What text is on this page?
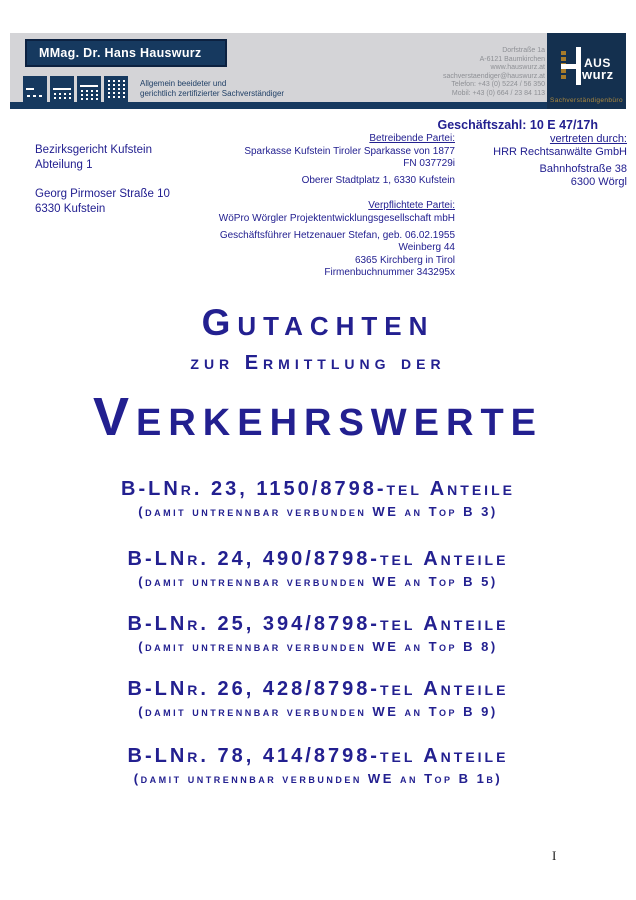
MMag. Dr. Hans Hauswurz
Allgemein beeideter und
gerichtlich zertifizierter Sachverständiger
Dorfstraße 1a
A-6121 Baumkirchen
www.hauswurz.at
sachverstaendiger@hauswurz.at
Telefon: +43 (0) 5224 / 56 350
Mobil: +43 (0) 664 / 23 84 113
AUS
wurz
Sachverständigenbüro
Geschäftszahl: 10 E 47/17h
Bezirksgericht Kufstein
Abteilung 1
Georg Pirmoser Straße 10
6330 Kufstein
Betreibende Partei:
Sparkasse Kufstein Tiroler Sparkasse von 1877
FN 037729i
Oberer Stadtplatz 1, 6330 Kufstein
Verpflichtete Partei:
WöPro Wörgler Projektentwicklungsgesellschaft mbH
Geschäftsführer Hetzenauer Stefan, geb. 06.02.1955
Weinberg 44
6365 Kirchberg in Tirol
Firmenbuchnummer 343295x
vertreten durch:
HRR Rechtsanwälte GmbH
Bahnhofstraße 38
6300 Wörgl
Gutachten
zur Ermittlung der
Verkehrswerte
B-LNr. 23, 1150/8798-tel Anteile
(damit untrennbar verbunden WE an Top B 3)
B-LNr. 24, 490/8798-tel Anteile
(damit untrennbar verbunden WE an Top B 5)
B-LNr. 25, 394/8798-tel Anteile
(damit untrennbar verbunden WE an Top B 8)
B-LNr. 26, 428/8798-tel Anteile
(damit untrennbar verbunden WE an Top B 9)
B-LNr. 78, 414/8798-tel Anteile
(damit untrennbar verbunden WE an Top B 1b)
I
